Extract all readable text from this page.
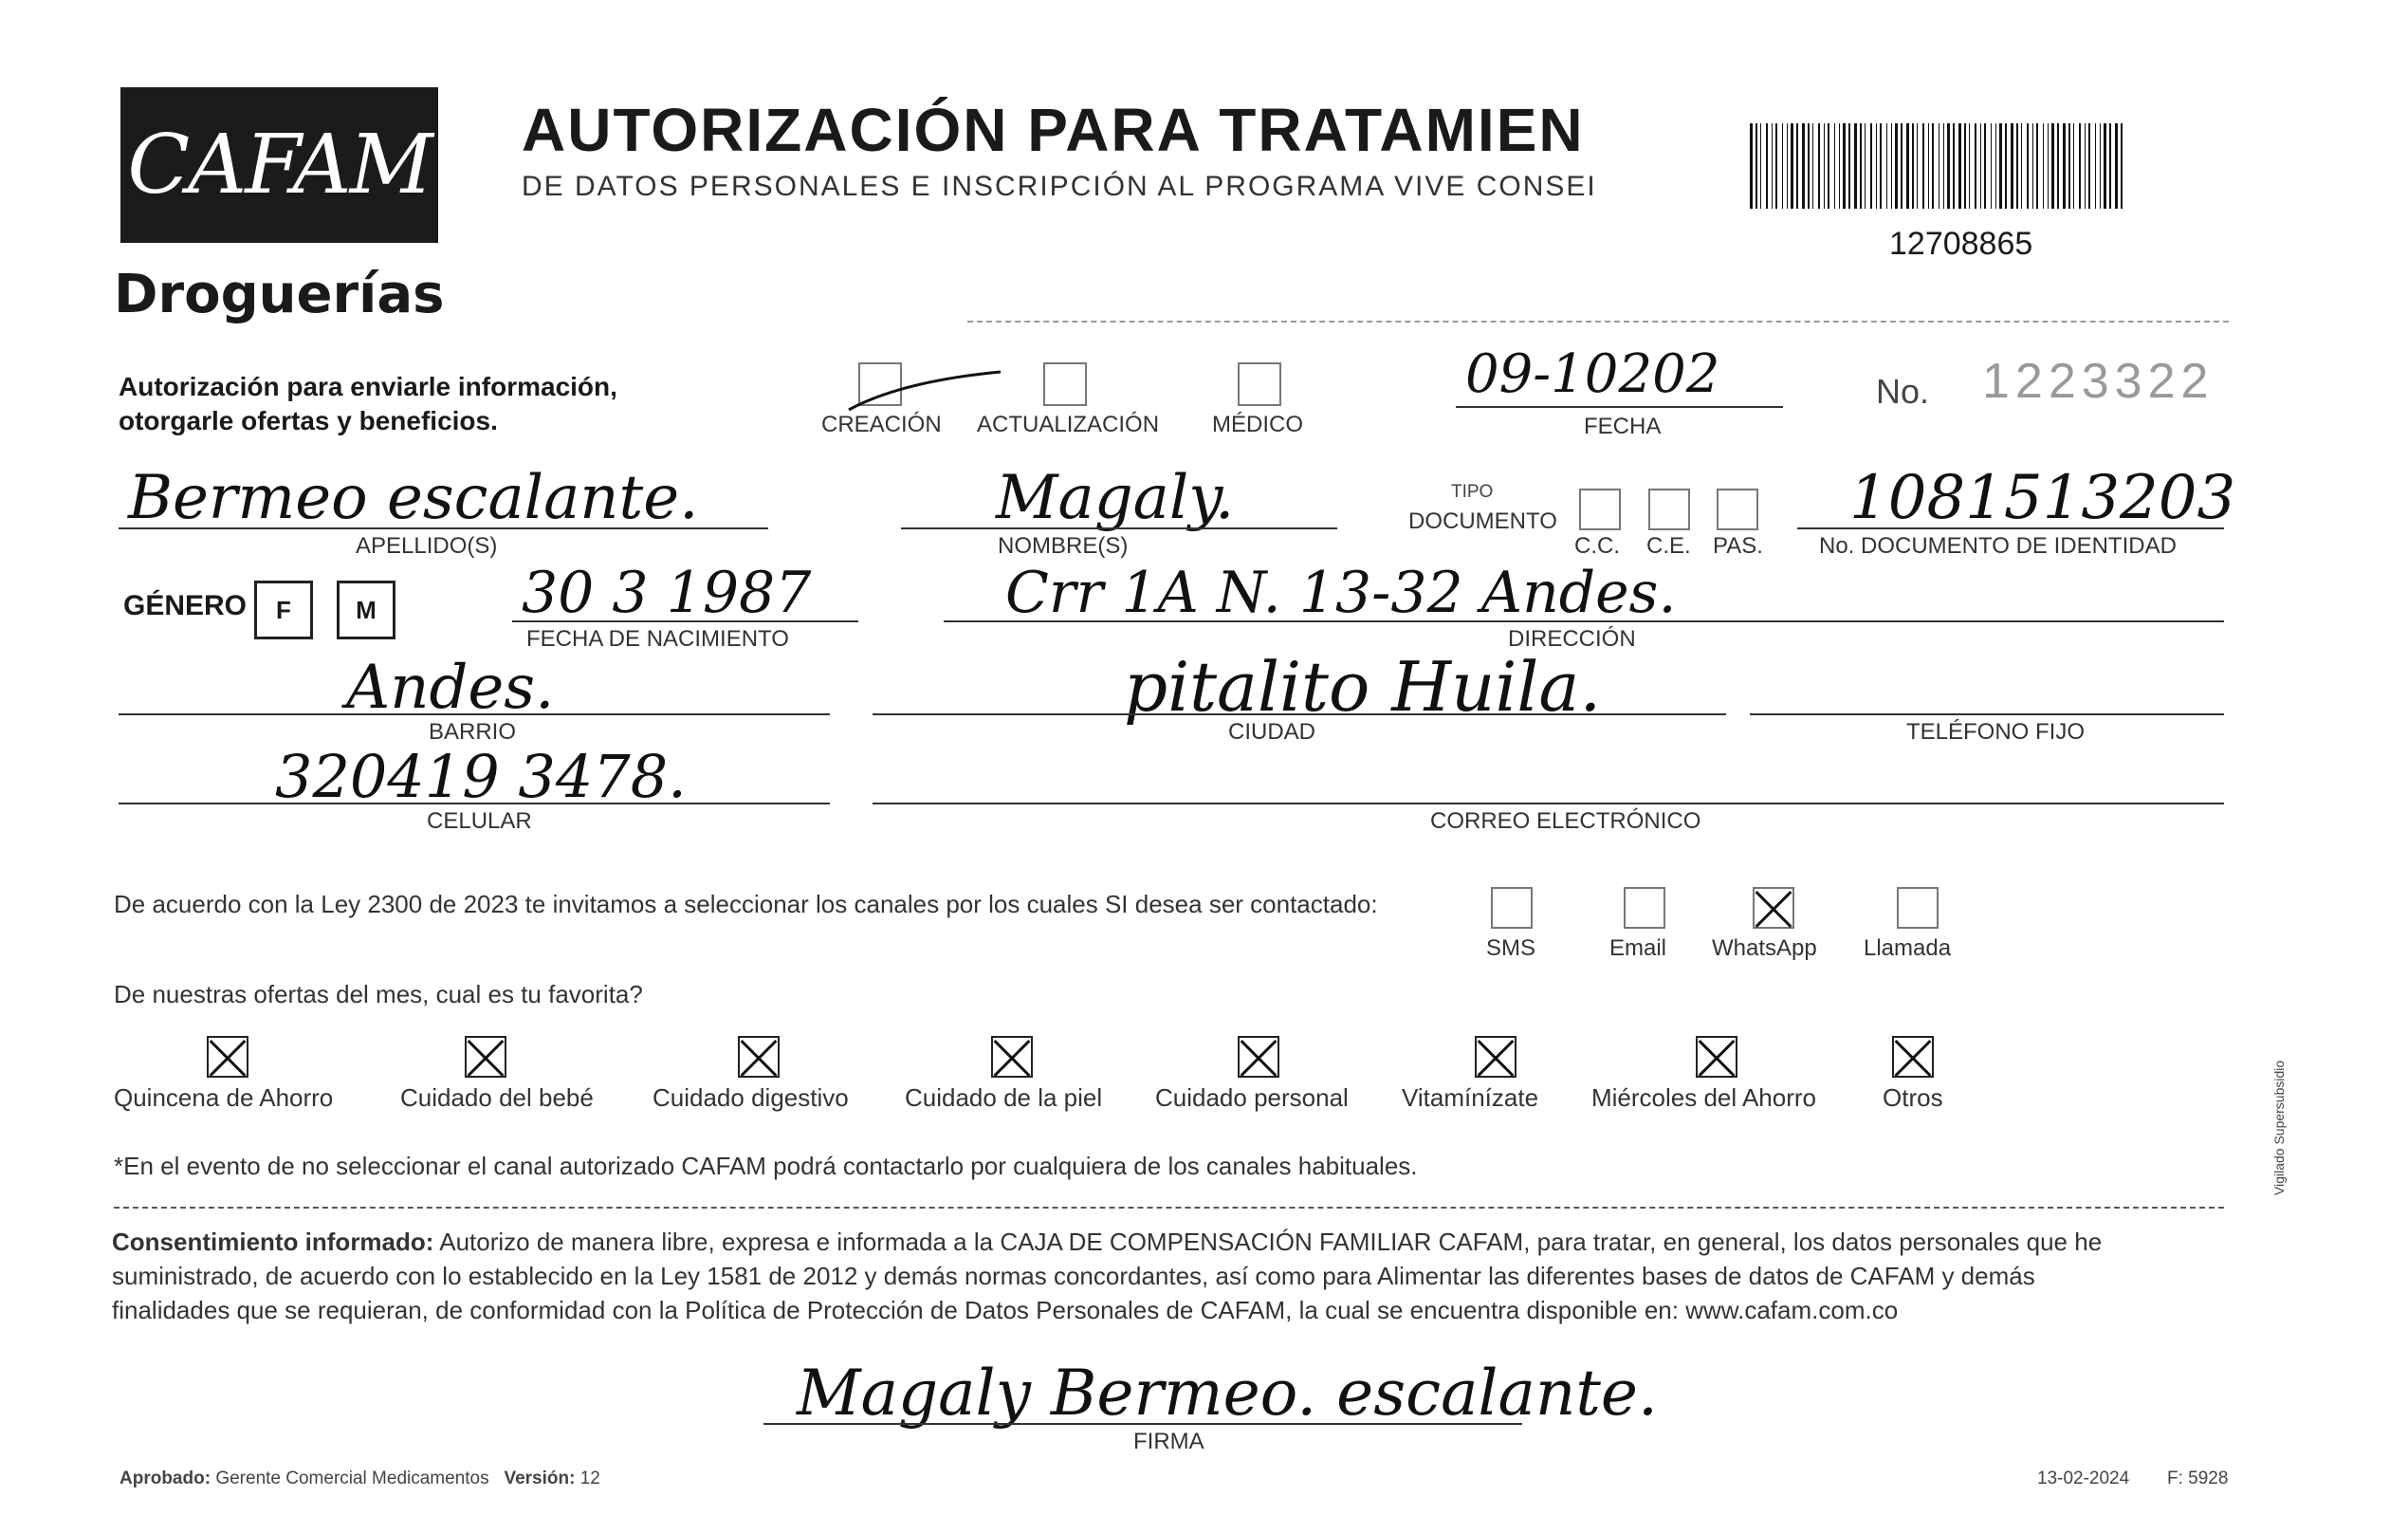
CAFAM
Droguerías
AUTORIZACIÓN PARA TRATAMIEN
DE DATOS PERSONALES E INSCRIPCIÓN AL PROGRAMA VIVE CONSEI
12708865
Autorización para enviarle información,
otorgarle ofertas y beneficios.	CREACIÓN ACTUALIZACIÓN MÉDICO
09-10202
FECHA
No. 1223322
Bermeo escalante.
APELLIDO(S)
Magaly.
NOMBRE(S)
TIPO
DOCUMENTO
C.C. C.E. PAS.
1081513203
No. DOCUMENTO DE IDENTIDAD
GÉNERO F	M	30 3 1987
FECHA DE NACIMIENTO
Crr 1A N. 13-32 Andes.
DIRECCIÓN
Andes.
BARRIO
pitalito Huila.
CIUDAD	TELÉFONO FIJO
320419 3478.
CELULAR	CORREO ELECTRÓNICO
De acuerdo con la Ley 2300 de 2023 te invitamos a seleccionar los canales por los cuales SI desea ser contactado:
SMS	Email WhatsApp Llamada
De nuestras ofertas del mes, cual es tu favorita?
Quincena de Ahorro	Cuidado del bebé Cuidado digestivo Cuidado de la piel Cuidado personal Vitamínízate Miércoles del Ahorro	Otros
*En el evento de no seleccionar el canal autorizado CAFAM podrá contactarlo por cualquiera de los canales habituales.
Consentimiento informado: Autorizo de manera libre, expresa e informada a la CAJA DE COMPENSACIÓN FAMILIAR CAFAM, para tratar, en general, los datos personales que he
suministrado, de acuerdo con lo establecido en la Ley 1581 de 2012 y demás normas concordantes, así como para Alimentar las diferentes bases de datos de CAFAM y demás
finalidades que se requieran, de conformidad con la Política de Protección de Datos Personales de CAFAM, la cual se encuentra disponible en: www.cafam.com.co
Magaly Bermeo. escalante.
FIRMA
Aprobado: Gerente Comercial Medicamentos Versión: 12	13-02-2024 F: 5928
Vigilado Supersubsidio
